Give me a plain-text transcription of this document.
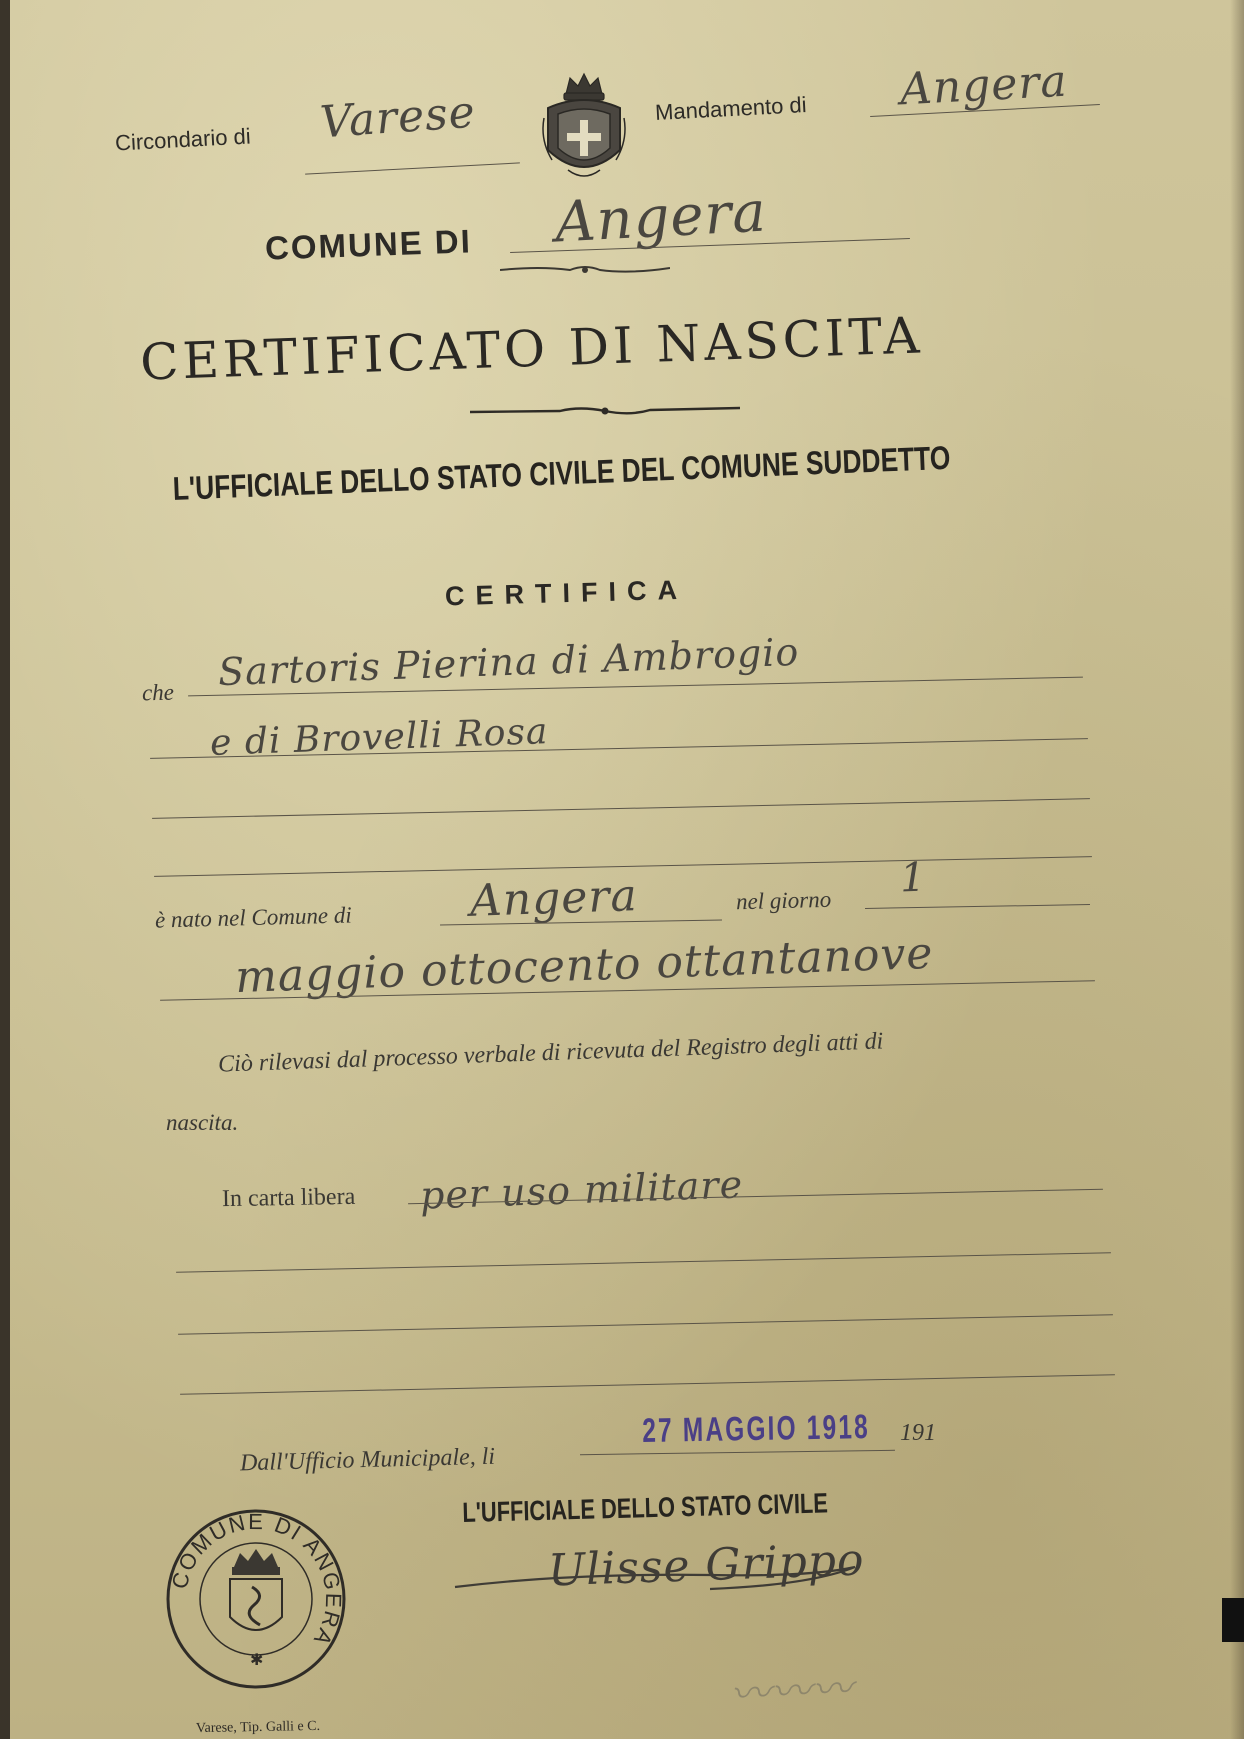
Circondario di Varese	Mandamento di Angera
COMUNE DI Angera
CERTIFICATO DI NASCITA
L'UFFICIALE DELLO STATO CIVILE DEL COMUNE SUDDETTO
CERTIFICA
che Sartoris Pierina di Ambrogio
e di Brovelli Rosa
è nato nel Comune di	Angera	nel giorno 1
maggio ottocento ottantanove
Ciò rilevasi dal processo verbale di ricevuta del Registro degli atti di
nascita.
In carta libera per uso militare
Dall'Ufficio Municipale, li
27 MAGGIO 1918 191
L'UFFICIALE DELLO STATO CIVILE
Ulisse Grippo
COMUNE DI ANGERA
✱
Varese, Tip. Galli e C.
〰〰〰
